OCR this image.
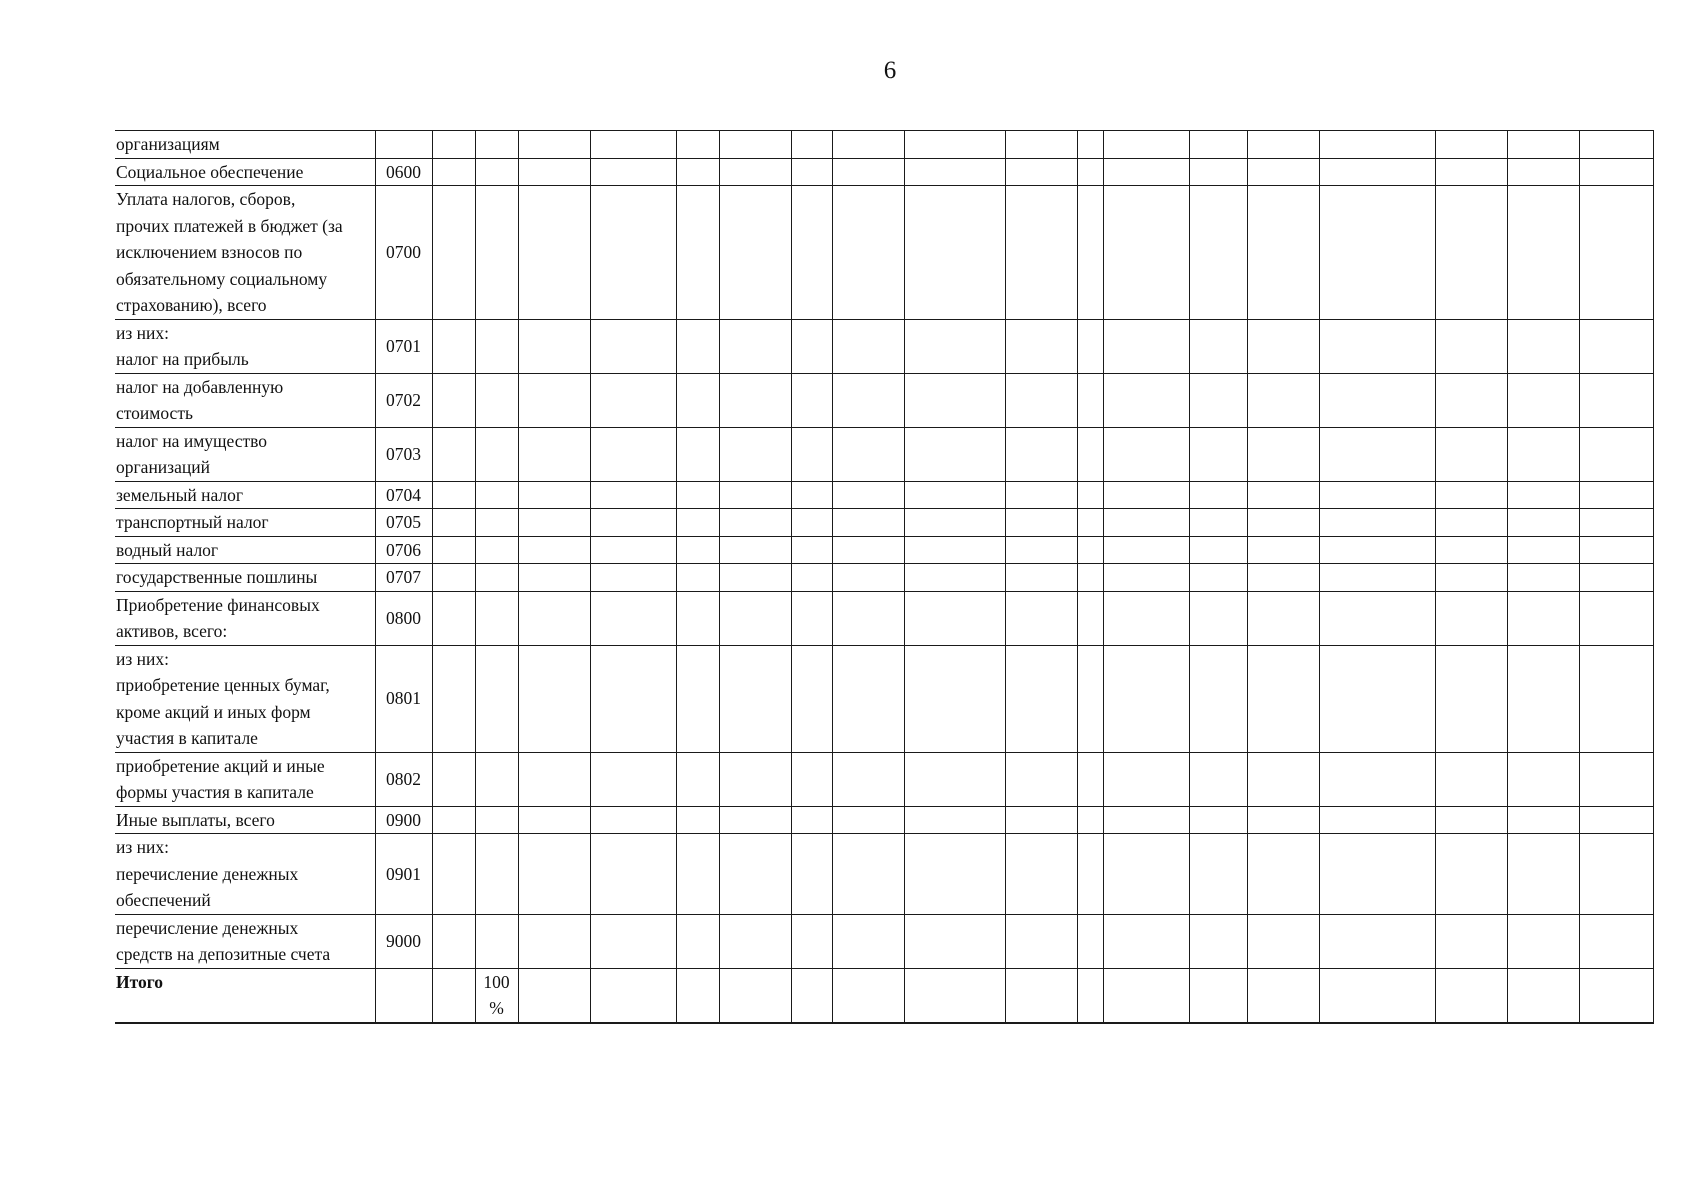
6
организациям																			
Социальное обеспечение	0600																		
Уплата налогов, сборов,
прочих платежей в бюджет (за
исключением взносов по
обязательному социальному
страхованию), всего	0700																		
из них:
налог на прибыль	0701																		
налог на добавленную
стоимость	0702																		
налог на имущество
организаций	0703																		
земельный налог	0704																		
транспортный налог	0705																		
водный налог	0706																		
государственные пошлины	0707																		
Приобретение финансовых
активов, всего:	0800																		
из них:
приобретение ценных бумаг,
кроме акций и иных форм
участия в капитале	0801																		
приобретение акций и иные
формы участия в капитале	0802																		
Иные выплаты, всего	0900																		
из них:
перечисление денежных
обеспечений	0901																		
перечисление денежных
средств на депозитные счета	9000																		
Итого			100
%																
